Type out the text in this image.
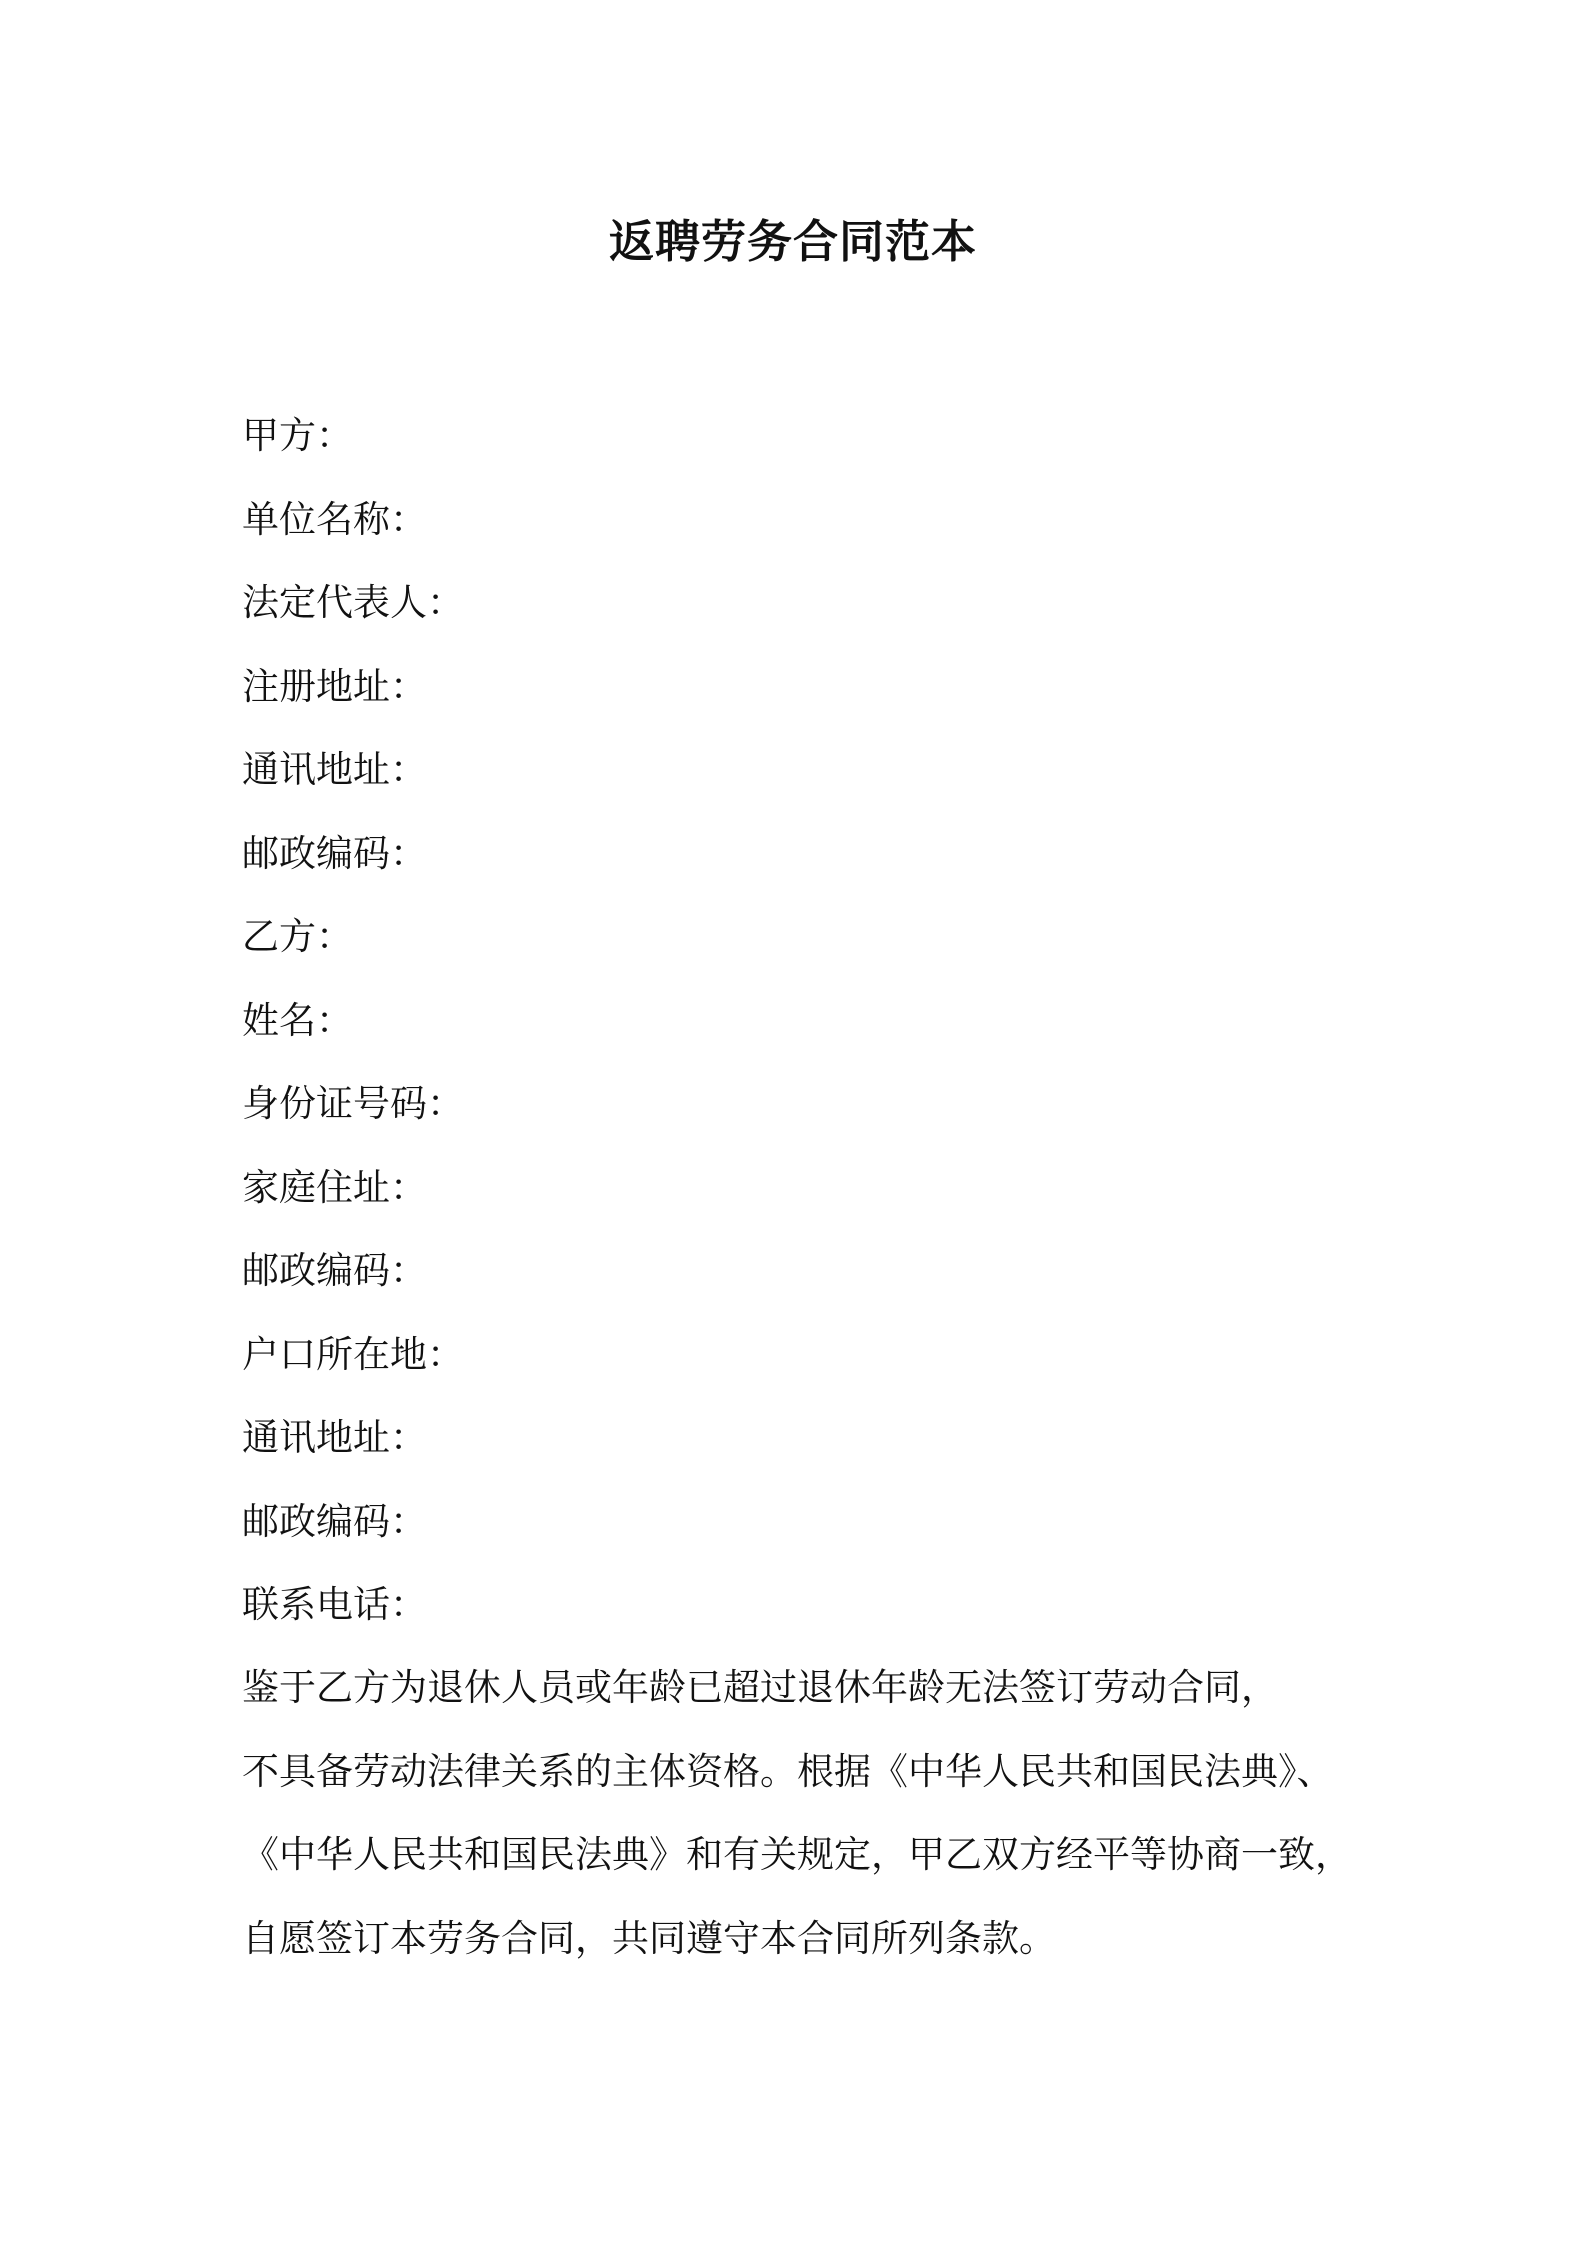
返聘劳务合同范本
甲方：
单位名称：
法定代表人：
注册地址：
通讯地址：
邮政编码：
乙方：
姓名：
身份证号码：
家庭住址：
邮政编码：
户口所在地：
通讯地址：
邮政编码：
联系电话：
鉴于乙方为退休人员或年龄已超过退休年龄无法签订劳动合同，
不具备劳动法律关系的主体资格。根据《中华人民共和国民法典》、
《中华人民共和国民法典》和有关规定，甲乙双方经平等协商一致，
自愿签订本劳务合同，共同遵守本合同所列条款。
